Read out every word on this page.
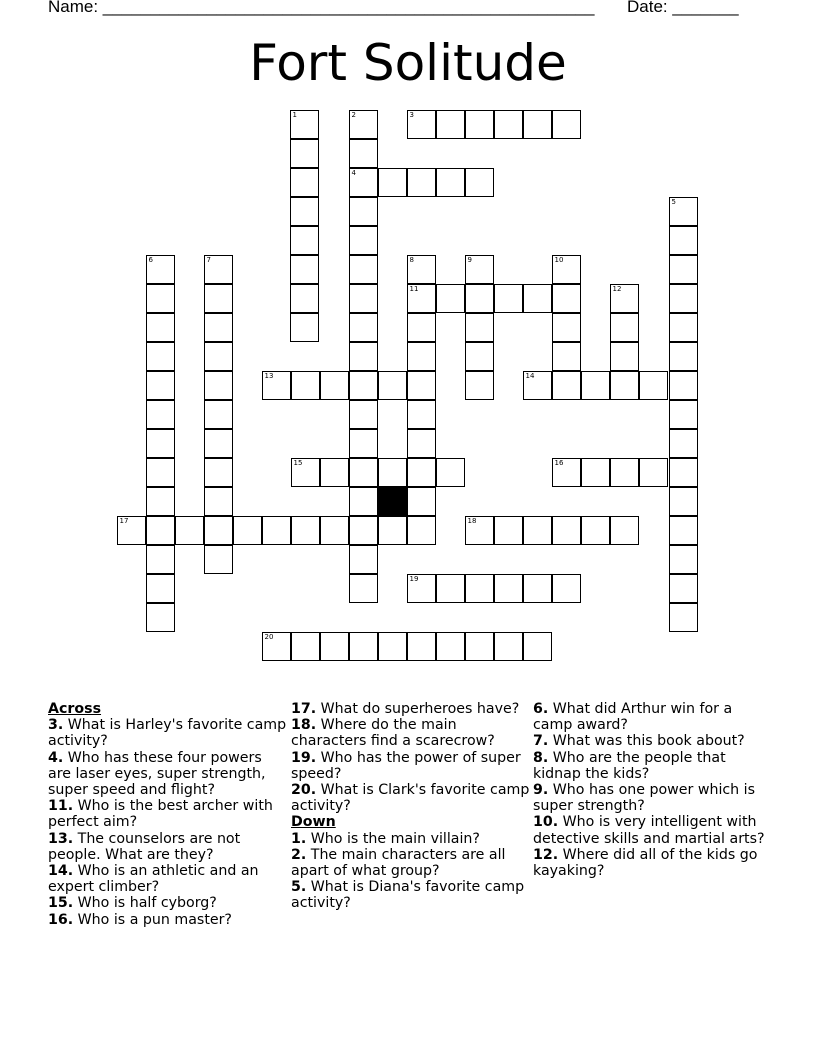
Name: ____________________________________________________ Date: _______
Fort Solitude
1	2
4
3
5
6	7	8
11
9	10
12
13	14
15	16
17	18
19
20
Across
3. What is Harley's favorite camp activity?
4. Who has these four powers are laser eyes, super strength, super speed and flight?
11. Who is the best archer with perfect aim?
13. The counselors are not people. What are they?
14. Who is an athletic and an expert climber?
15. Who is half cyborg?
16. Who is a pun master?
17. What do superheroes have?
18. Where do the main characters find a scarecrow?
19. Who has the power of super speed?
20. What is Clark's favorite camp activity?
Down
1. Who is the main villain?
2. The main characters are all apart of what group?
5. What is Diana's favorite camp activity?
6. What did Arthur win for a camp award?
7. What was this book about?
8. Who are the people that kidnap the kids?
9. Who has one power which is super strength?
10. Who is very intelligent with detective skills and martial arts?
12. Where did all of the kids go kayaking?
